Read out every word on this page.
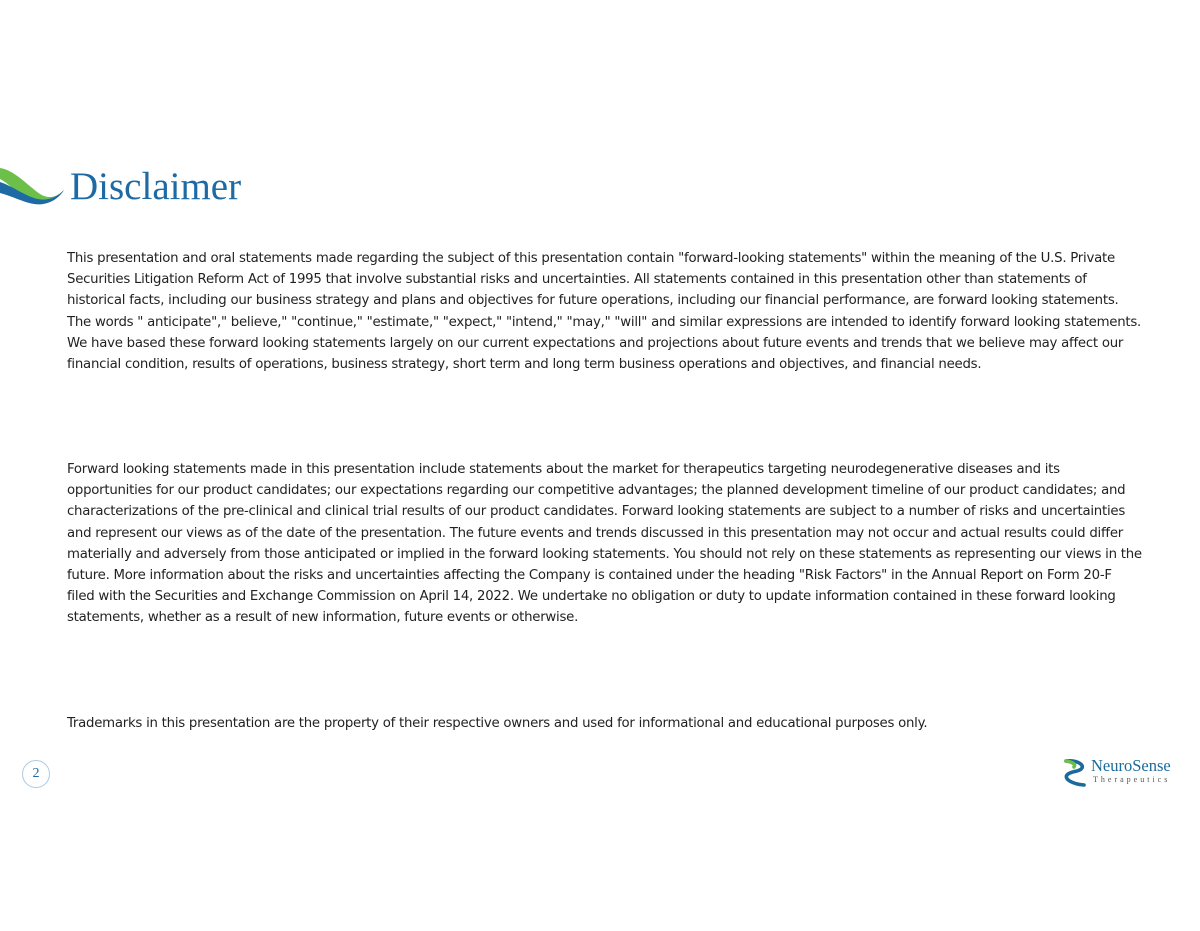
Disclaimer

This presentation and oral statements made regarding the subject of this presentation contain "forward-looking statements" within the meaning of the U.S. Private Securities Litigation Reform Act of 1995 that involve substantial risks and uncertainties. All statements contained in this presentation other than statements of historical facts, including our business strategy and plans and objectives for future operations, including our financial performance, are forward looking statements. The words " anticipate"," believe," "continue," "estimate," "expect," "intend," "may," "will" and similar expressions are intended to identify forward looking statements. We have based these forward looking statements largely on our current expectations and projections about future events and trends that we believe may affect our financial condition, results of operations, business strategy, short term and long term business operations and objectives, and financial needs.

Forward looking statements made in this presentation include statements about the market for therapeutics targeting neurodegenerative diseases and its opportunities for our product candidates; our expectations regarding our competitive advantages; the planned development timeline of our product candidates; and characterizations of the pre-clinical and clinical trial results of our product candidates. Forward looking statements are subject to a number of risks and uncertainties and represent our views as of the date of the presentation. The future events and trends discussed in this presentation may not occur and actual results could differ materially and adversely from those anticipated or implied in the forward looking statements. You should not rely on these statements as representing our views in the future. More information about the risks and uncertainties affecting the Company is contained under the heading "Risk Factors" in the Annual Report on Form 20-F filed with the Securities and Exchange Commission on April 14, 2022. We undertake no obligation or duty to update information contained in these forward looking statements, whether as a result of new information, future events or otherwise.

Trademarks in this presentation are the property of their respective owners and used for informational and educational purposes only.

2	NeuroSense
Therapeutics
